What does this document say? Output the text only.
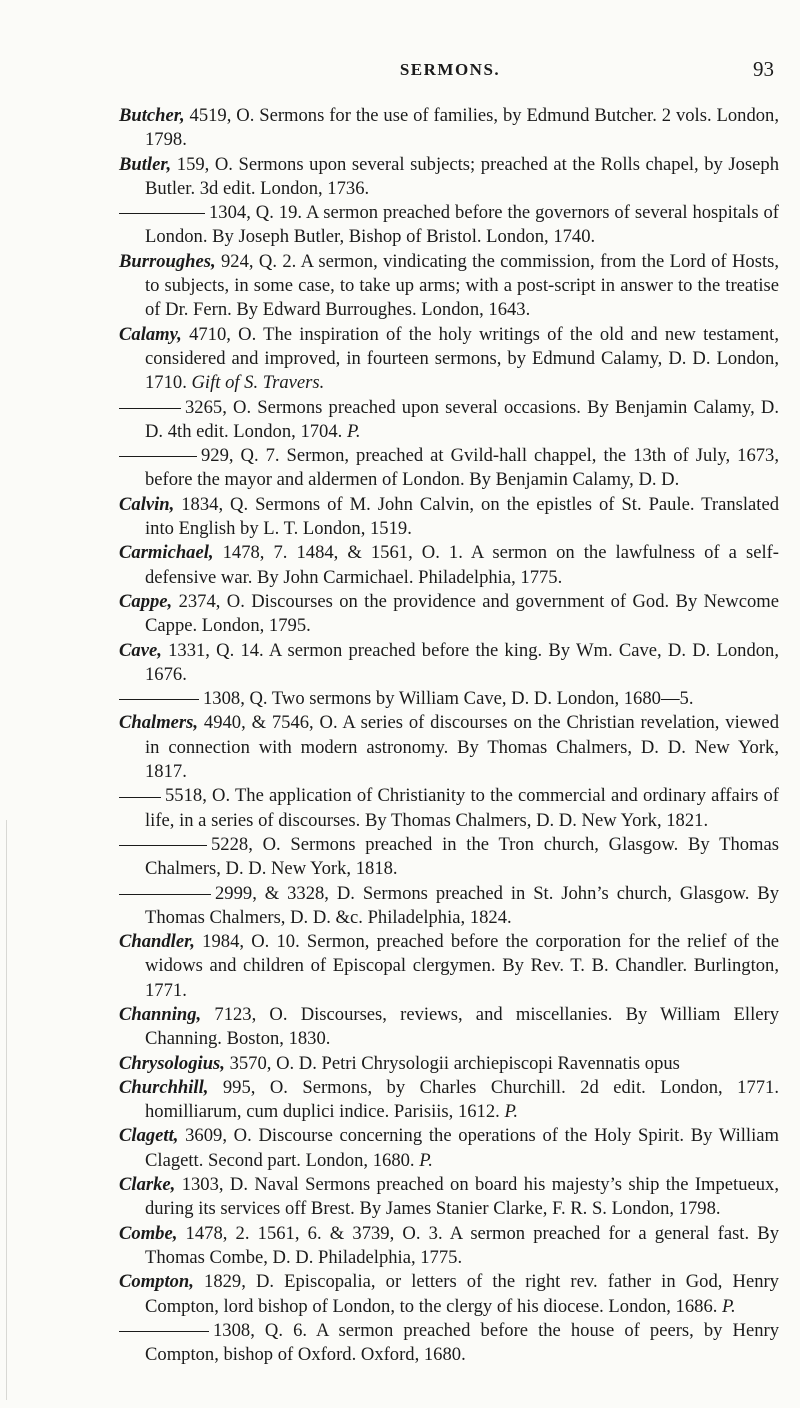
SERMONS.	93
Butcher, 4519, O. Sermons for the use of families, by Edmund Butcher. 2 vols. London, 1798.
Butler, 159, O. Sermons upon several subjects; preached at the Rolls chapel, by Joseph Butler. 3d edit. London, 1736.
1304, Q. 19. A sermon preached before the governors of several hospitals of London. By Joseph Butler, Bishop of Bristol. London, 1740.
Burroughes, 924, Q. 2. A sermon, vindicating the commission, from the Lord of Hosts, to subjects, in some case, to take up arms; with a post-script in answer to the treatise of Dr. Fern. By Edward Burroughes. London, 1643.
Calamy, 4710, O. The inspiration of the holy writings of the old and new testament, considered and improved, in fourteen sermons, by Edmund Calamy, D. D. London, 1710. Gift of S. Travers.
3265, O. Sermons preached upon several occasions. By Benjamin Calamy, D. D. 4th edit. London, 1704. P.
929, Q. 7. Sermon, preached at Gvild-hall chappel, the 13th of July, 1673, before the mayor and aldermen of London. By Benjamin Calamy, D. D.
Calvin, 1834, Q. Sermons of M. John Calvin, on the epistles of St. Paule. Translated into English by L. T. London, 1519.
Carmichael, 1478, 7. 1484, & 1561, O. 1. A sermon on the lawfulness of a self-defensive war. By John Carmichael. Philadelphia, 1775.
Cappe, 2374, O. Discourses on the providence and government of God. By Newcome Cappe. London, 1795.
Cave, 1331, Q. 14. A sermon preached before the king. By Wm. Cave, D. D. London, 1676.
1308, Q. Two sermons by William Cave, D. D. London, 1680—5.
Chalmers, 4940, & 7546, O. A series of discourses on the Christian revelation, viewed in connection with modern astronomy. By Thomas Chalmers, D. D. New York, 1817.
5518, O. The application of Christianity to the commercial and ordinary affairs of life, in a series of discourses. By Thomas Chalmers, D. D. New York, 1821.
5228, O. Sermons preached in the Tron church, Glasgow. By Thomas Chalmers, D. D. New York, 1818.
2999, & 3328, D. Sermons preached in St. John’s church, Glasgow. By Thomas Chalmers, D. D. &c. Philadelphia, 1824.
Chandler, 1984, O. 10. Sermon, preached before the corporation for the relief of the widows and children of Episcopal clergymen. By Rev. T. B. Chandler. Burlington, 1771.
Channing, 7123, O. Discourses, reviews, and miscellanies. By William Ellery Channing. Boston, 1830.
Chrysologius, 3570, O. D. Petri Chrysologii archiepiscopi Ravennatis opus
Churchhill, 995, O. Sermons, by Charles Churchill. 2d edit. London, 1771. homilliarum, cum duplici indice. Parisiis, 1612. P.
Clagett, 3609, O. Discourse concerning the operations of the Holy Spirit. By William Clagett. Second part. London, 1680. P.
Clarke, 1303, D. Naval Sermons preached on board his majesty’s ship the Impetueux, during its services off Brest. By James Stanier Clarke, F. R. S. London, 1798.
Combe, 1478, 2. 1561, 6. & 3739, O. 3. A sermon preached for a general fast. By Thomas Combe, D. D. Philadelphia, 1775.
Compton, 1829, D. Episcopalia, or letters of the right rev. father in God, Henry Compton, lord bishop of London, to the clergy of his diocese. London, 1686. P.
1308, Q. 6. A sermon preached before the house of peers, by Henry Compton, bishop of Oxford. Oxford, 1680.
